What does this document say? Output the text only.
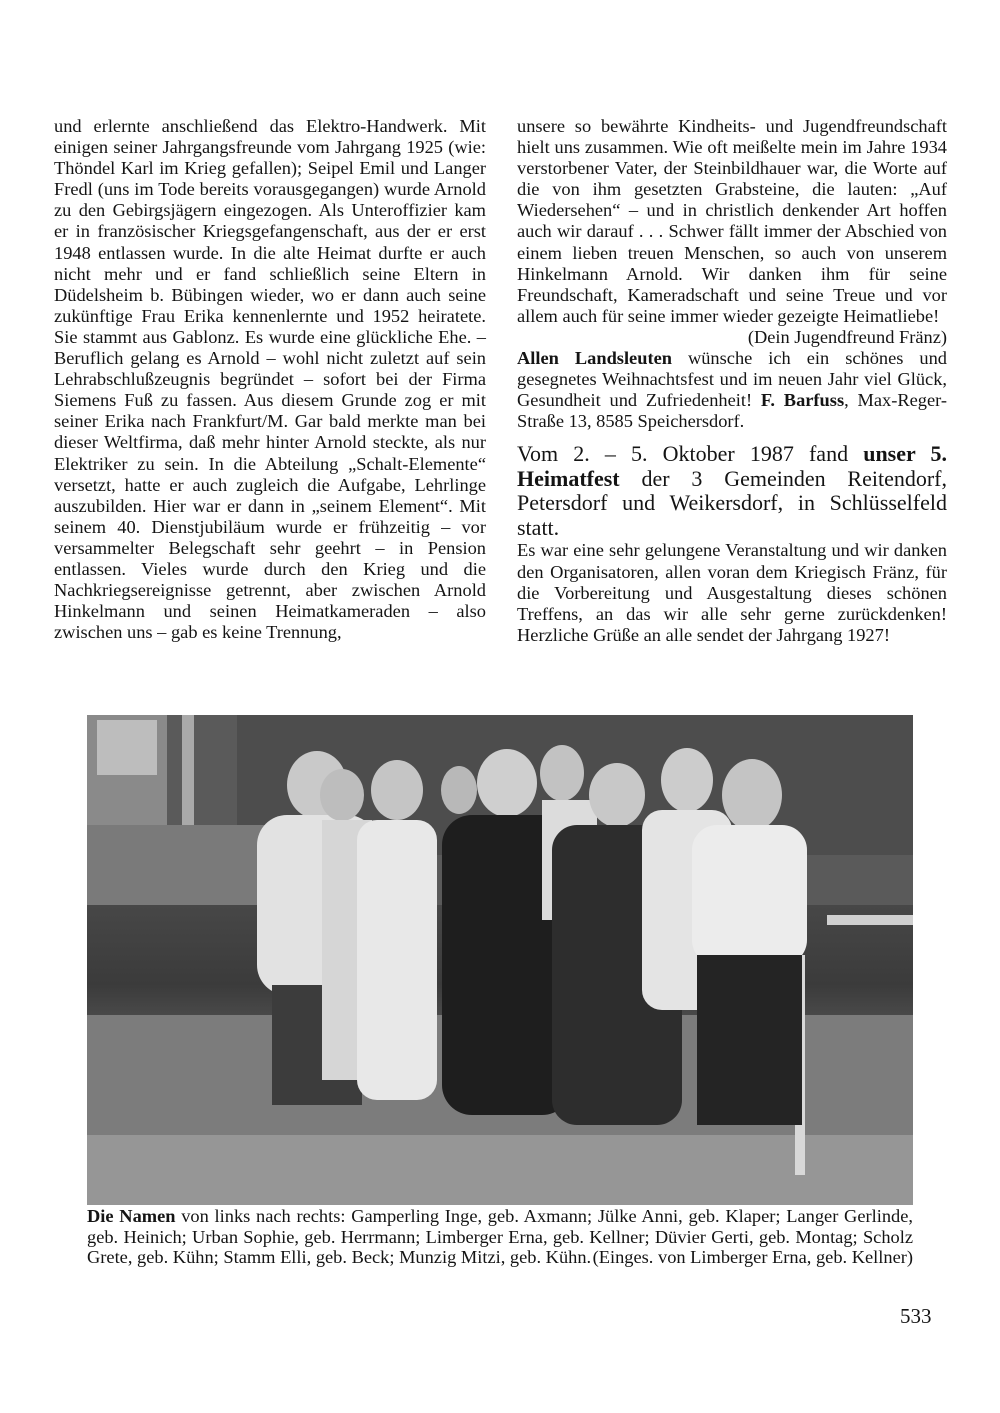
und erlernte anschließend das Elektro-Handwerk. Mit einigen seiner Jahrgangsfreunde vom Jahrgang 1925 (wie: Thöndel Karl im Krieg gefallen); Seipel Emil und Langer Fredl (uns im Tode bereits vorausgegangen) wurde Arnold zu den Gebirgsjägern eingezogen. Als Unteroffizier kam er in französischer Kriegsgefangenschaft, aus der er erst 1948 entlassen wurde. In die alte Heimat durfte er auch nicht mehr und er fand schließlich seine Eltern in Düdelsheim b. Bübingen wieder, wo er dann auch seine zukünftige Frau Erika kennenlernte und 1952 heiratete. Sie stammt aus Gablonz. Es wurde eine glückliche Ehe. – Beruflich gelang es Arnold – wohl nicht zuletzt auf sein Lehrabschlußzeugnis begründet – sofort bei der Firma Siemens Fuß zu fassen. Aus diesem Grunde zog er mit seiner Erika nach Frankfurt/M. Gar bald merkte man bei dieser Weltfirma, daß mehr hinter Arnold steckte, als nur Elektriker zu sein. In die Abteilung „Schalt-Elemente“ versetzt, hatte er auch zugleich die Aufgabe, Lehrlinge auszubilden. Hier war er dann in „seinem Element“. Mit seinem 40. Dienstjubiläum wurde er frühzeitig – vor versammelter Belegschaft sehr geehrt – in Pension entlassen. Vieles wurde durch den Krieg und die Nachkriegsereignisse getrennt, aber zwischen Arnold Hinkelmann und seinen Heimatkameraden – also zwischen uns – gab es keine Trennung,

unsere so bewährte Kindheits- und Jugendfreundschaft hielt uns zusammen. Wie oft meißelte mein im Jahre 1934 verstorbener Vater, der Steinbildhauer war, die Worte auf die von ihm gesetzten Grabsteine, die lauten: „Auf Wiedersehen“ – und in christlich denkender Art hoffen auch wir darauf . . . Schwer fällt immer der Abschied von einem lieben treuen Menschen, so auch von unserem Hinkelmann Arnold. Wir danken ihm für seine Freundschaft, Kameradschaft und seine Treue und vor allem auch für seine immer wieder gezeigte Heimatliebe!

(Dein Jugendfreund Fränz)

Allen Landsleuten wünsche ich ein schönes und gesegnetes Weihnachtsfest und im neuen Jahr viel Glück, Gesundheit und Zufriedenheit! F. Barfuss, Max-Reger-Straße 13, 8585 Speichersdorf.

Vom 2. – 5. Oktober 1987 fand unser 5. Heimatfest der 3 Gemeinden Reitendorf, Petersdorf und Weikersdorf, in Schlüsselfeld statt.

Es war eine sehr gelungene Veranstaltung und wir danken den Organisatoren, allen voran dem Kriegisch Fränz, für die Vorbereitung und Ausgestaltung dieses schönen Treffens, an das wir alle sehr gerne zurückdenken! Herzliche Grüße an alle sendet der Jahrgang 1927!

Die Namen von links nach rechts: Gamperling Inge, geb. Axmann; Jülke Anni, geb. Klaper; Langer Gerlinde, geb. Heinich; Urban Sophie, geb. Herrmann; Limberger Erna, geb. Kellner; Düvier Gerti, geb. Montag; Scholz Grete, geb. Kühn; Stamm Elli, geb. Beck; Munzig Mitzi, geb. Kühn. (Einges. von Limberger Erna, geb. Kellner)
533
